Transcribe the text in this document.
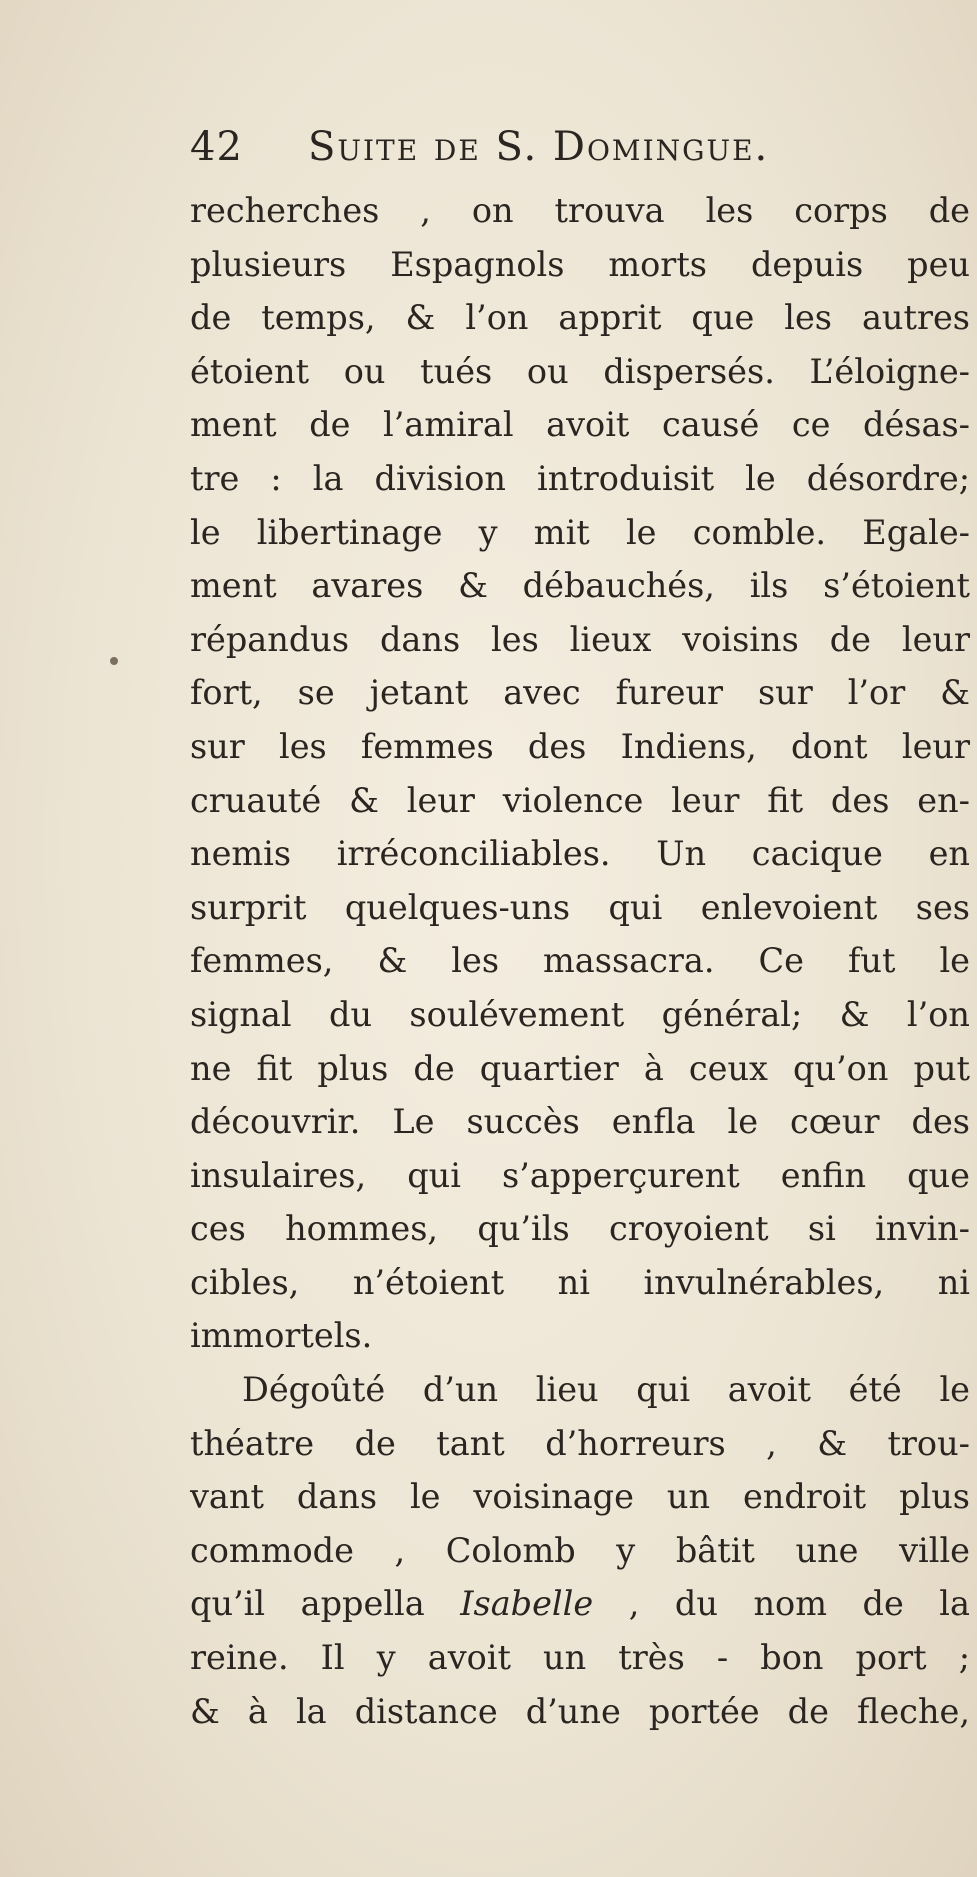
42 Suite de S. Domingue.
recherches , on trouva les corps de
plusieurs Espagnols morts depuis peu
de temps, & l’on apprit que les autres
étoient ou tués ou dispersés. L’éloigne-
ment de l’amiral avoit causé ce désas-
tre : la division introduisit le désordre;
le libertinage y mit le comble. Egale-
ment avares & débauchés, ils s’étoient
répandus dans les lieux voisins de leur
fort, se jetant avec fureur sur l’or &
sur les femmes des Indiens, dont leur
cruauté & leur violence leur fit des en-
nemis irréconciliables. Un cacique en
surprit quelques-uns qui enlevoient ses
femmes, & les massacra. Ce fut le
signal du soulévement général; & l’on
ne fit plus de quartier à ceux qu’on put
découvrir. Le succès enfla le cœur des
insulaires, qui s’apperçurent enfin que
ces hommes, qu’ils croyoient si invin-
cibles, n’étoient ni invulnérables, ni
immortels.
Dégoûté d’un lieu qui avoit été le
théatre de tant d’horreurs , & trou-
vant dans le voisinage un endroit plus
commode , Colomb y bâtit une ville
qu’il appella Isabelle , du nom de la
reine. Il y avoit un très - bon port ;
& à la distance d’une portée de fleche,
